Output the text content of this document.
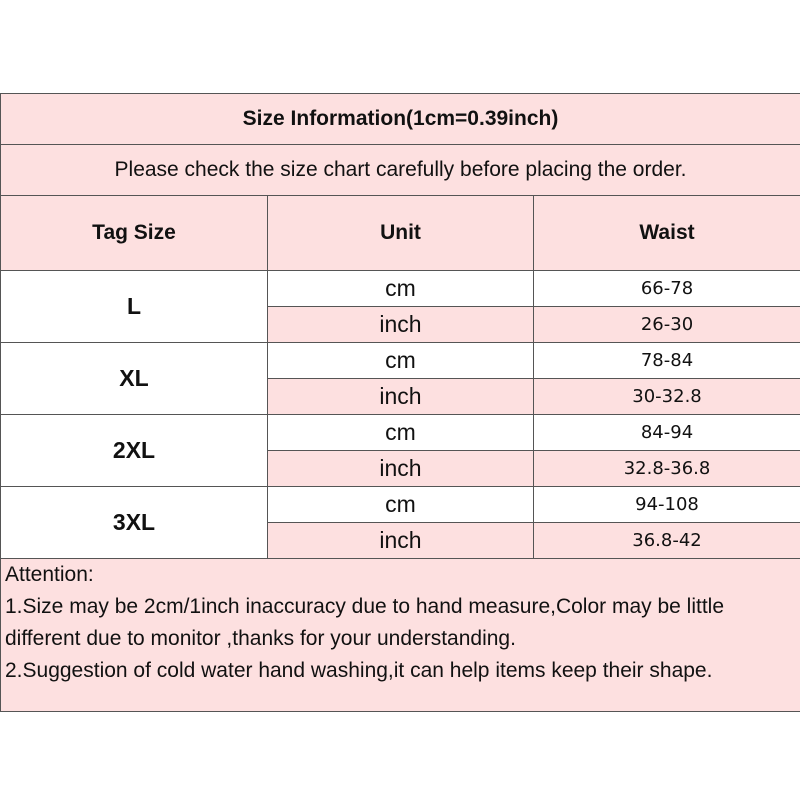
Size Information(1cm=0.39inch)		
Please check the size chart carefully before placing the order.		
Tag Size	Unit	Waist
L	cm	66-78
	inch	26-30
XL	cm	78-84
	inch	30-32.8
2XL	cm	84-94
	inch	32.8-36.8
3XL	cm	94-108
	inch	36.8-42

Attention:
1.Size may be 2cm/1inch inaccuracy due to hand measure,Color may be little different due to monitor ,thanks for your understanding.
2.Suggestion of cold water hand washing,it can help items keep their shape.		
